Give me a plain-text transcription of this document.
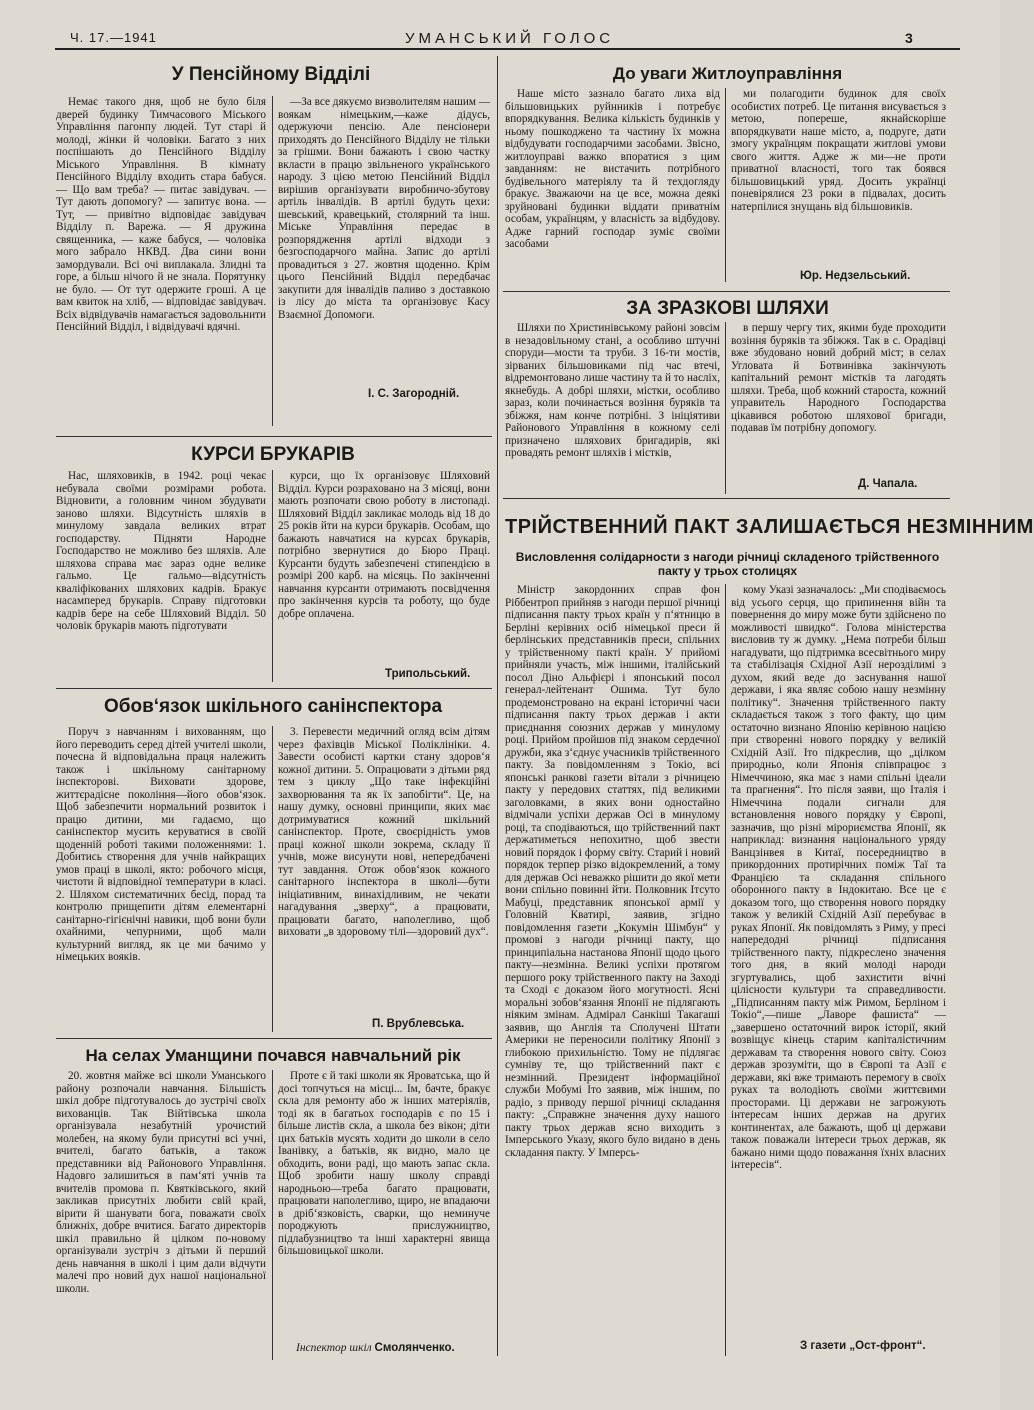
Ч. 17.—1941	УМАНСЬКИЙ ГОЛОС	3
У Пенсійному Відділі

Немає такого дня, щоб не було біля дверей будинку Тимчасового Міського Управління пагонпу людей. Тут старі й молоді, жінки й чоловіки. Багато з них поспішають до Пенсійного Відділу Міського Управління. В кімнату Пенсійного Відділу входить стара бабуся. — Що вам треба? — питає завідувач. — Тут дають допомогу? — запитує вона. — Тут, — привітно відповідає завідувач Відділу п. Варежа. — Я дружина священника, — каже бабуся, — чоловіка мого забрало НКВД. Два сини вони замордували. Всі очі виплакала. Злидні та горе, а більш нічого й не знала. Порятунку не було. — От тут одержите гроші. А це вам квиток на хліб, — відповідає завідувач. Всіх відвідувачів намагається задовольнити Пенсійний Відділ, і відвідувачі вдячні.

—За все дякуємо визволителям нашим — воякам німецьким,—каже дідусь, одержуючи пенсію. Але пенсіонери приходять до Пенсійного Відділу не тільки за грішми. Вони бажають і свою частку вкласти в працю звільненого українського народу. З цією метою Пенсійний Відділ вирішив організувати виробничо-збутову артіль інвалідів. В артілі будуть цехи: шевський, кравецький, столярний та інш. Міське Управління передає в розпорядження артілі відходи з безгосподарчого майна. Запис до артілі провадиться з 27. жовтня щоденно. Крім цього Пенсійний Відділ передбачає закупити для інвалідів паливо з доставкою із лісу до міста та організовує Касу Взаємної Допомоги.

І. С. Загородній.
До уваги Житлоуправління

Наше місто зазнало багато лиха від більшовицьких руйнників і потребує впорядкування. Велика кількість будинків у ньому пошкоджено та частину їх можна відбудувати господарчими засобами. Звісно, житлоуправі важко впоратися з цим завданням: не вистачить потрібного будівельного матеріялу та й техдоглядy бракує. Зважаючи на це все, можна деякі зруйновані будинки віддати приватнім особам, українцям, у власність за відбудову. Адже гарний господар зуміє своїми засобами

ми полагодити будинок для своїх особистих потреб. Це питання висувається з метою, попереше, якнайскоріше впорядкувати наше місто, а, подруге, дати змогу українцям покращати житлові умови свого життя. Адже ж ми—не проти приватної власності, того так боявся більшовицький уряд. Досить українці поневірялися 23 роки в підвалах, досить натерпілися знущань від більшовиків.

Юр. Недзельський.
ЗА ЗРАЗКОВІ ШЛЯХИ

Шляхи по Христинівському районі зовсім в незадовільному стані, а особливо штучні споруди—мости та труби. З 16-ти мостів, зірваних більшовиками під час втечі, відремонтовано лише частину та й то насліх, якнебудь. А добрі шляхи, містки, особливо зараз, коли починається возіння буряків та збіжжя, нам конче потрібні. З ініціятиви Районового Управління в кожному селі призначено шляхових бригадирів, які провадять ремонт шляхів і містків,

в першу чергу тих, якими буде проходити возіння буряків та збіжжя. Так в с. Орадівці вже збудовано новий добрий міст; в селах Угловата й Ботвинівка закінчують капітальний ремонт містків та лагодять шляхи. Треба, щоб кожний староста, кожний управитель Народного Господарства цікавився роботою шляхової бригади, подавав їм потрібну допомогу.

Д. Чапала.
КУРСИ БРУКАРІВ

Нас, шляховиків, в 1942. році чекає небувала своїми розмірами робота. Відновити, а головним чином збудувати заново шляхи. Відсутність шляхів в минулому завдала великих втрат господарству. Підняти Народне Господарство не можливо без шляхів. Але шляхова справа має зараз одне велике гальмо. Це гальмо—відсутність кваліфікованих шляхових кадрів. Бракує насамперед брукарів. Справу підготовки кадрів бере на себе Шляховий Відділ. 50 чоловік брукарів мають підготувати

курси, що їх організовує Шляховий Відділ. Курси розраховано на 3 місяці, вони мають розпочати свою роботу в листопаді. Шляховий Відділ закликає молодь від 18 до 25 років йти на курси брукарів. Особам, що бажають навчатися на курсах брукарів, потрібно звернутися до Бюро Праці. Курсанти будуть забезпечені стипендією в розмірі 200 карб. на місяць. По закінченні навчання курсанти отримають посвідчення про закінчення курсів та роботу, що буде добре оплачена.

Трипольський.
Обов‘язок шкільного санінспектора

Поруч з навчанням і вихованням, що його переводить серед дітей учителі школи, почесна й відповідальна праця належить також і шкільному санітарному інспекторові. Виховати здорове, життєрадісне покоління—його обов‘язок. Щоб забезпечити нормальний розвиток і працю дитини, ми гадаємо, що санінспектор мусить керуватися в своїй щоденній роботі такими положеннями: 1. Добитись створення для учнів найкращих умов праці в школі, якто: робочого місця, чистоти й відповідної температури в класі. 2. Шляхом систематичних бесід, порад та контролю прищепити дітям елементарні санітарно-гігієнічні навики, щоб вони були охайними, чепурними, щоб мали культурний вигляд, як це ми бачимо у німецьких вояків.

3. Перевести медичний огляд всім дітям через фахівців Міської Поліклініки. 4. Завести особисті картки стану здоров‘я кожної дитини. 5. Опрацювати з дітьми ряд тем з циклу „Що таке інфекційні захворювання та як їх запобігти“. Це, на нашу думку, основні принципи, яких має дотримуватися кожний шкільний санінспектор. Проте, своєрідність умов праці кожної школи зокрема, складу її учнів, може висунути нові, непередбачені тут завдання. Отож обов‘язок кожного санітарного інспектора в школі—бути ініціативним, винахідливим, не чекати нагадування „зверху“, а працювати, працювати багато, наполегливо, щоб виховати „в здоровому тілі—здоровий дух“.

П. Врублевська.
На селах Уманщини почався навчальний рік

20. жовтня майже всі школи Уманського району розпочали навчання. Більшість шкіл добре підготувалось до зустрічі своїх вихованців. Так Війтівська школа організувала незабутній урочистий молебен, на якому були присутні всі учні, вчителі, багато батьків, а також представники від Районового Управління. Надовго залишиться в пам‘яті учнів та вчителів промова п. Квятківського, який закликав присутніх любити свій край, вірити й шанувати бога, поважати своїх ближніх, добре вчитися. Багато директорів шкіл правильно й цілком по-новому організували зустріч з дітьми й перший день навчання в школі і цим дали відчути малечі про новий дух нашої національної школи.

Проте є й такі школи як Яроватська, що й досі топчуться на місці... Ім, бачте, бракує скла для ремонту або ж інших матеріялів, тоді як в багатьох господарів є по 15 і більше листів скла, а школа без вікон; діти цих батьків мусять ходити до школи в село Іванівку, а батьків, як видно, мало це обходить, вони раді, що мають запас скла. Щоб зробити нашу школу справді народньою—треба багато працювати, працювати наполегливо, щиро, не впадаючи в дріб‘язковість, сварки, що неминуче породжують прислужництво, підлабузництво та інші характерні явища більшовицької школи.

Інспектор шкіл Смолянченко.
ТРІЙСТВЕННИЙ ПАКТ ЗАЛИШАЄТЬСЯ НЕЗМІННИМ
Висловлення солідарности з нагоди річниці складеного трійственного пакту у трьох столицях

Міністр закордонних справ фон Ріббентроп прийняв з нагоди першої річниці підписання пакту трьох країн у п‘ятницю в Берліні керівних осіб німецької преси й берлінських представників преси, спільних у трійственному пакті країн. У прийомі прийняли участь, між іншими, італійський посол Діно Альфієрі і японський посол генерал-лейтенант Ошима. Тут було продемонстровано на екрані історичні часи підписання пакту трьох держав і акти приєднання союзних держав у минулому році. Прийом пройшов під знаком сердечної дружби, яка з‘єднує учасників трійственного пакту. За повідомленням з Токіо, всі японські ранкові газети вітали з річницею пакту у передових статтях, під великими заголовками, в яких вони одностайно відмічали успіхи держав Осі в минулому році, та сподіваються, що трійственний пакт держатиметься непохитно, щоб звести новий порядок і форму світу. Старий і новий порядок терпер різко відокремлений, а тому для держав Осі неважко рішити до якої мети вони спільно повинні йти. Полковник Ітсуто Мабуці, представник японської армії у Головній Кватирі, заявив, згідно повідомлення газети „Кокумін Шімбун“ у промові з нагоди річниці пакту, що принципіальна настанова Японії щодо цього пакту—незмінна. Великі успіхи протягом першого року трійственного пакту на Заході та Сході є доказом його могутності. Ясні моральні зобов‘язання Японії не підлягають ніяким змінам. Адмірал Санкіші Такагаші заявив, що Англія та Сполучені Штати Америки не переносили політику Японії з глибокою прихильністю. Тому не підлягає сумніву те, що трійственний пакт є незмінний. Президент інформаційної служби Мобумі Іто заявив, між іншим, по радіо, з приводу першої річниці складання пакту: „Справжне значення духу нашого пакту трьох держав ясно виходить з Імперського Указу, якого було видано в день складання пакту. У Імперсь-

кому Указі зазначалось: „Ми сподіваємось від усього серця, що припинення війн та повернення до миру може бути здійснено по можливості швидко“. Голова міністерства висловив ту ж думку. „Нема потреби більш нагадувати, що підтримка всесвітнього миру та стабілізація Східної Азії нерозділимі з духом, який веде до заснування нашої держави, і яка являє собою нашу незмінну політику“. Значення трійственного пакту складається також з того факту, що цим остаточно визнано Японію керівною нацією при створенні нового порядку у великій Східній Азії. Іто підкреслив, що „цілком природньо, коли Японія співпрацює з Німеччиною, яка має з нами спільні ідеали та прагнення“. Іто після заяви, що Італія і Німеччина подали сигнали для встановлення нового порядку у Європі, зазначив, що різні мірориємства Японії, як наприклад: визнання національного уряду Ванцзінвея в Китаї, посередництво в прикордонних протирічних поміж Таї та Францією та складання спільного оборонного пакту в Індокитаю. Все це є доказом того, що створення нового порядку також у великій Східній Азії перебуває в руках Японії. Як повідомлять з Риму, у пресі напередодні річниці підписання трійственного пакту, підкреслено значення того дня, в який молоді народи згуртувались, щоб захистити вічні цілісности культури та справедливости. „Підписанням пакту між Римом, Берліном і Токіо“,—пише „Лаворе фашиста“ —„завершено остаточний вирок історії, який возвіщує кінець старим капіталістичним державам та створення нового світу. Союз держав зрозуміти, що в Європі та Азії є держави, які вже тримають перемогу в своїх руках та володіють своїми життєвими просторами. Ці держави не загрожують інтересам інших держав на других континентах, але бажають, щоб ці держави також поважали інтереси трьох держав, як бажано ними щодо поважання їхніх власних інтересів“.

З газети „Ост-фронт“.
